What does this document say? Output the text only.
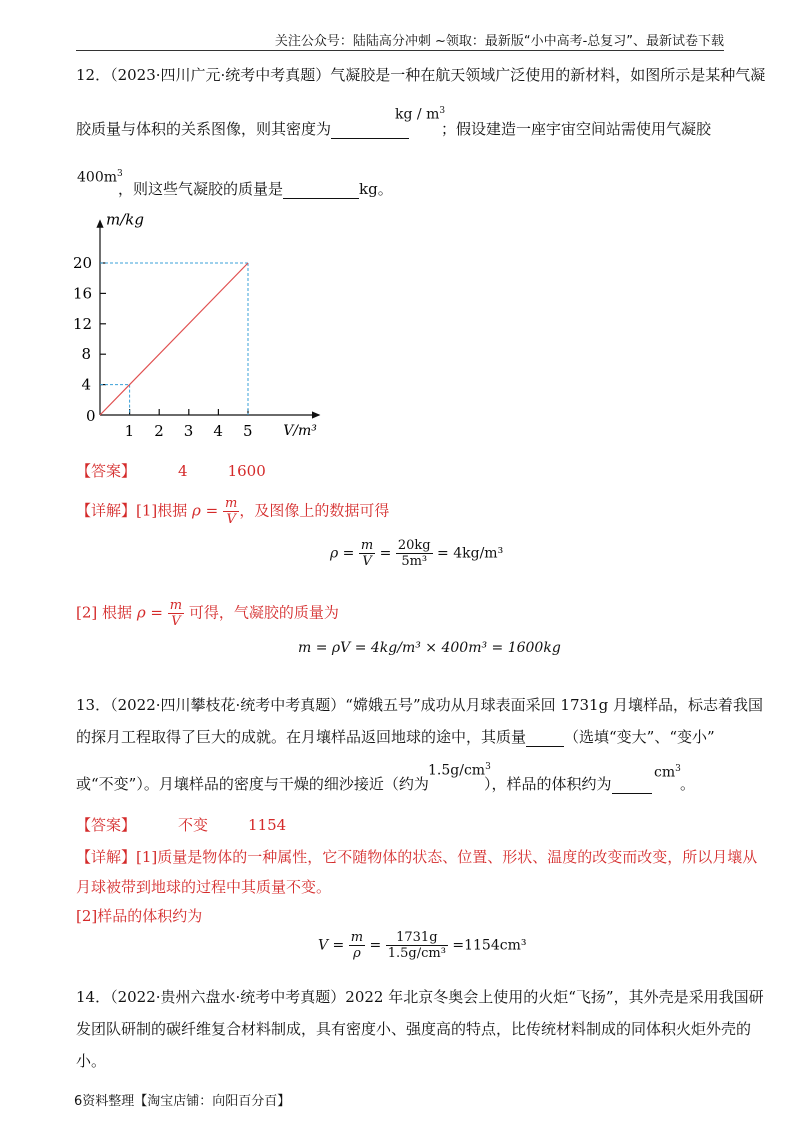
关注公众号：陆陆高分冲刺 ~领取：最新版“小中高考-总复习”、最新试卷下载
12．（2023·四川广元·统考中考真题）气凝胶是一种在航天领域广泛使用的新材料，如图所示是某种气凝
胶质量与体积的关系图像，则其密度为
kg / $m^3$
；假设建造一座宇宙空间站需使用气凝胶
$400m^3$
，则这些气凝胶的质量是	kg。
m/kg
V/m³
0
1 2 3 4 5
4
8
12
16
20
【答案】	4	1600
【详解】[1]根据 $\rho = \frac{m}{V}$ ，及图像上的数据可得
$\rho = \frac{m}{V} = \frac{20kg}{\text{5m³}} = 4kg/m^3$
[2] 根据 $\rho = \frac{m}{V}$ 可得，气凝胶的质量为
m = ρV = 4kg/m³ × 400m³ = 1600kg
13．（2022·四川攀枝花·统考中考真题）“嫦娥五号”成功从月球表面采回 1731g 月壤样品，标志着我国
的探月工程取得了巨大的成就。在月壤样品返回地球的途中，其质量	（选填“变大”、“变小”
或“不变”）。月壤样品的密度与干燥的细沙接近（约为
$1.5g/cm^3$
），样品的体积约为
$cm^3$
。
【答案】	不变	1154
【详解】[1]质量是物体的一种属性，它不随物体的状态、位置、形状、温度的改变而改变，所以月壤从
月球被带到地球的过程中其质量不变。
[2]样品的体积约为
$V = \frac{m}{\rho} = \frac{1731g}{\text{1.5g/cm³}} =1154cm^3$
14．（2022·贵州六盘水·统考中考真题）2022 年北京冬奥会上使用的火炬“飞扬”，其外壳是采用我国研
发团队研制的碳纤维复合材料制成，具有密度小、强度高的特点，比传统材料制成的同体积火炬外壳的
小。
6资料整理【淘宝店铺：向阳百分百】
